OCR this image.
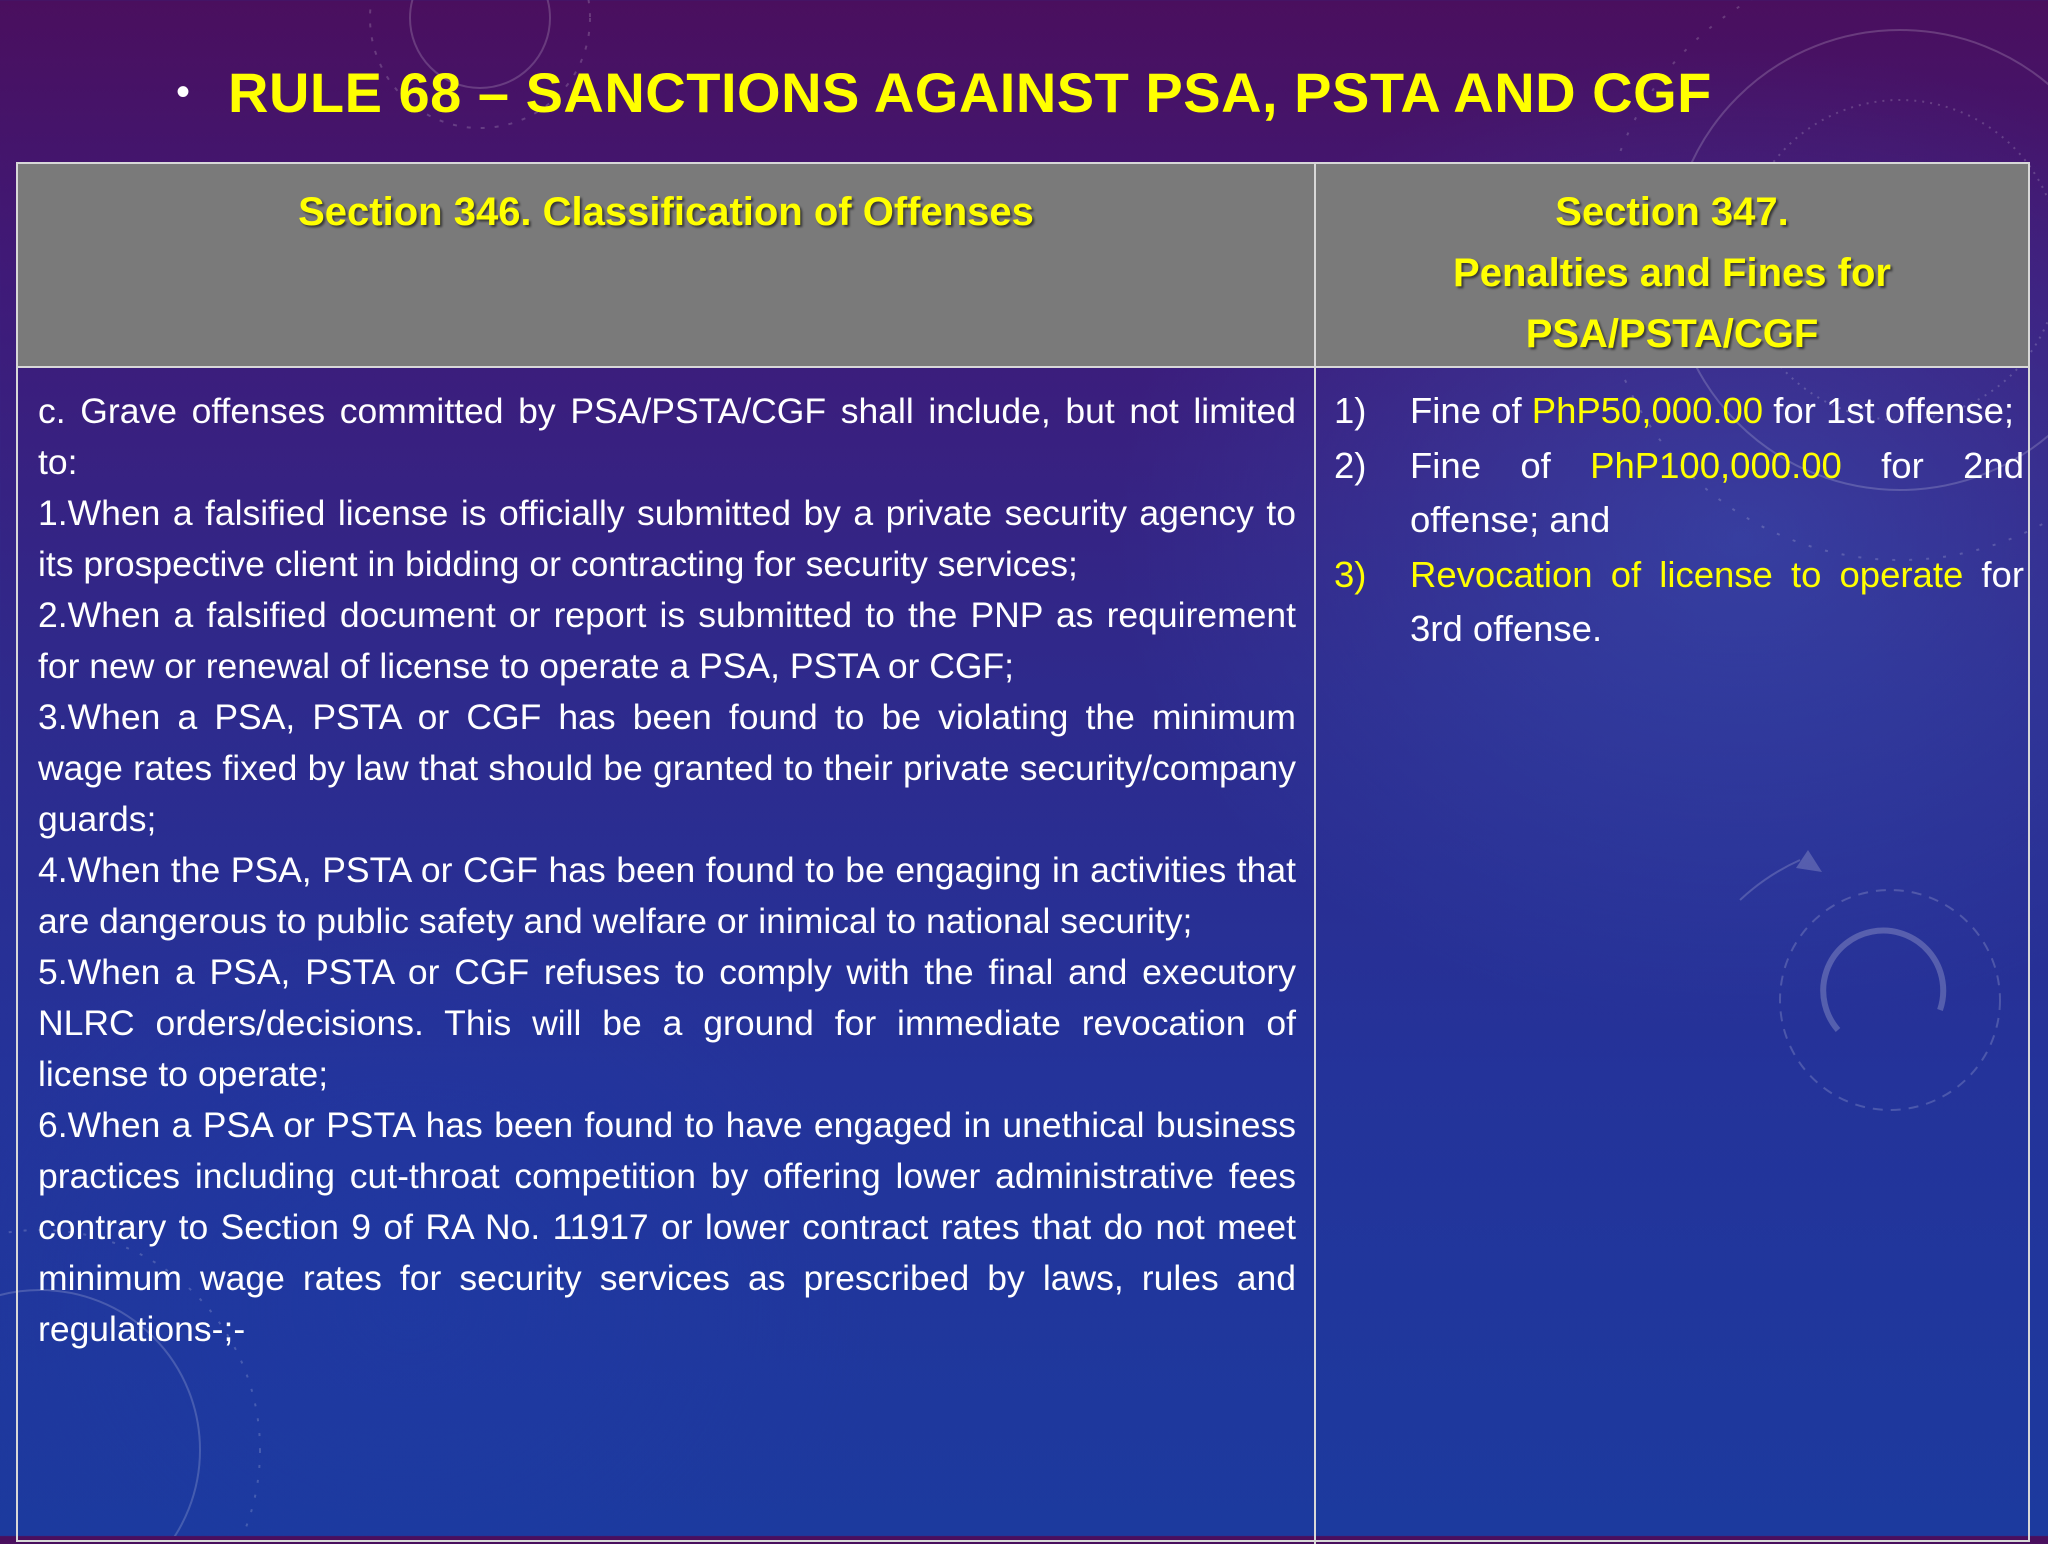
• RULE 68 – SANCTIONS AGAINST PSA, PSTA AND CGF
Section 346. Classification of Offenses	Section 347.
Penalties and Fines for
PSA/PSTA/CGF

c. Grave offenses committed by PSA/PSTA/CGF shall include, but not limited to:

1.When a falsified license is officially submitted by a private security agency to its prospective client in bidding or contracting for security services;

2.When a falsified document or report is submitted to the PNP as requirement for new or renewal of license to operate a PSA, PSTA or CGF;

3.When a PSA, PSTA or CGF has been found to be violating the minimum wage rates fixed by law that should be granted to their private security/company guards;

4.When the PSA, PSTA or CGF has been found to be engaging in activities that are dangerous to public safety and welfare or inimical to national security;

5.When a PSA, PSTA or CGF refuses to comply with the final and executory NLRC orders/decisions. This will be a ground for immediate revocation of license to operate;

6.When a PSA or PSTA has been found to have engaged in unethical business practices including cut-throat competition by offering lower administrative fees contrary to Section 9 of RA No. 11917 or lower contract rates that do not meet minimum wage rates for security services as prescribed by laws, rules and regulations-;-

1) Fine of PhP50,000.00 for 1st offense;
2) Fine of PhP100,000.00 for 2nd offense; and
3) Revocation of license to operate for 3rd offense.
